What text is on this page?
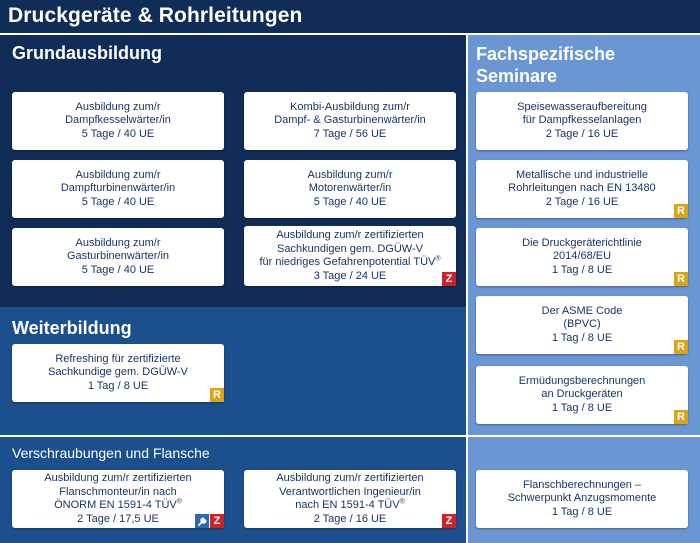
Druckgeräte & Rohrleitungen
Grundausbildung
Weiterbildung
Verschraubungen und Flansche
Fachspezifische
Seminare
Ausbildung zum/r
Dampfkesselwärter/in
5 Tage / 40 UE
Kombi-Ausbildung zum/r
Dampf- & Gasturbinenwärter/in
7 Tage / 56 UE
Ausbildung zum/r
Dampfturbinenwärter/in
5 Tage / 40 UE
Ausbildung zum/r
Motorenwärter/in
5 Tage / 40 UE
Ausbildung zum/r
Gasturbinenwärter/in
5 Tage / 40 UE
Ausbildung zum/r zertifizierten
Sachkundigen gem. DGÜW-V
für niedriges Gefahrenpotential TÜV®
3 Tage / 24 UE	Z
Refreshing für zertifizierte
Sachkundige gem. DGÜW-V
1 Tag / 8 UE
R
Ausbildung zum/r zertifizierten
Flanschmonteur/in nach
ÖNORM EN 1591-4 TÜV®
2 Tage / 17,5 UE	Z
Ausbildung zum/r zertifizierten
Verantwortlichen Ingenieur/in
nach EN 1591-4 TÜV®
2 Tage / 16 UE	Z
Speisewasseraufbereitung
für Dampfkesselanlagen
2 Tage / 16 UE
Metallische und industrielle
Rohrleitungen nach EN 13480
2 Tage / 16 UE
R
Die Druckgeräterichtlinie
2014/68/EU
1 Tag / 8 UE
R
Der ASME Code
(BPVC)
1 Tag / 8 UE
R
Ermüdungsberechnungen
an Druckgeräten
1 Tag / 8 UE
R
Flanschberechnungen –
Schwerpunkt Anzugsmomente
1 Tag / 8 UE
